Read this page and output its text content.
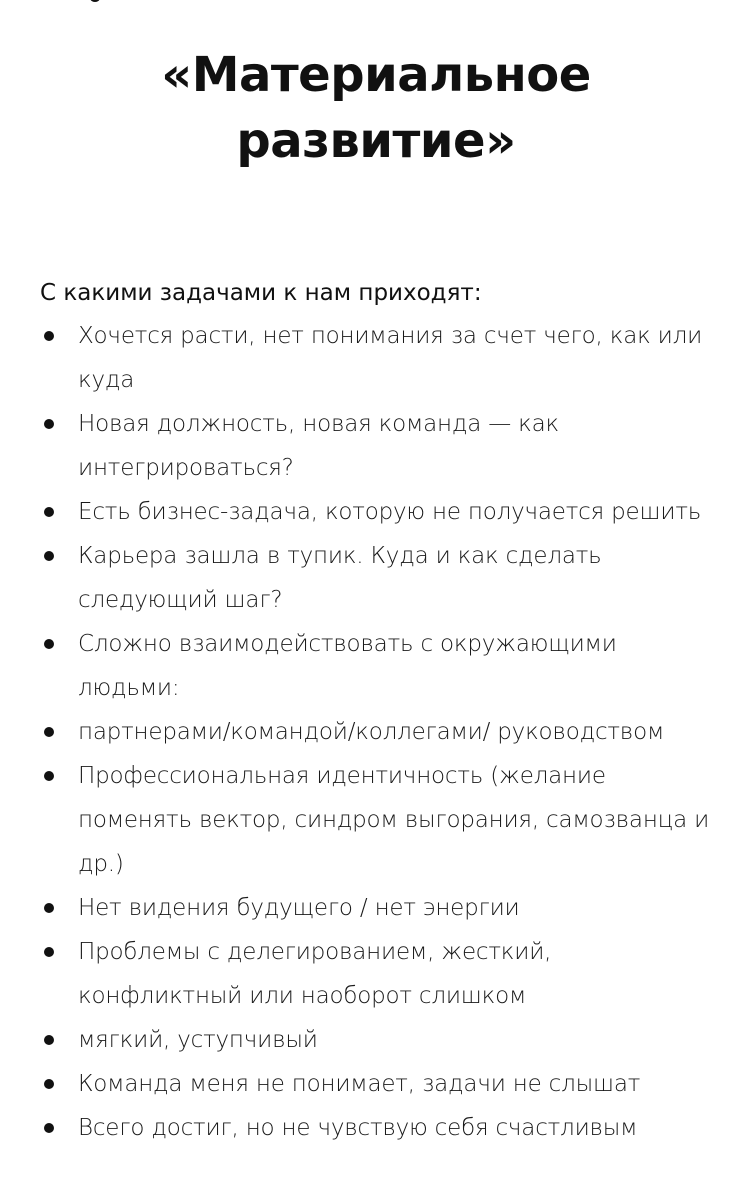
«Материальное
развитие»

С какими задачами к нам приходят:

Хочется расти, нет понимания за счет чего, как или куда
Новая должность, новая команда — как интегрироваться?
Есть бизнес-задача, которую не получается решить
Карьера зашла в тупик. Куда и как сделать следующий шаг?
Сложно взаимодействовать с окружающими людьми:
партнерами/командой/коллегами/ руководством
Профессиональная идентичность (желание поменять вектор, синдром выгорания, самозванца и др.)
Нет видения будущего / нет энергии
Проблемы с делегированием, жесткий, конфликтный или наоборот слишком
мягкий, уступчивый
Команда меня не понимает, задачи не слышат
Всего достиг, но не чувствую себя счастливым
